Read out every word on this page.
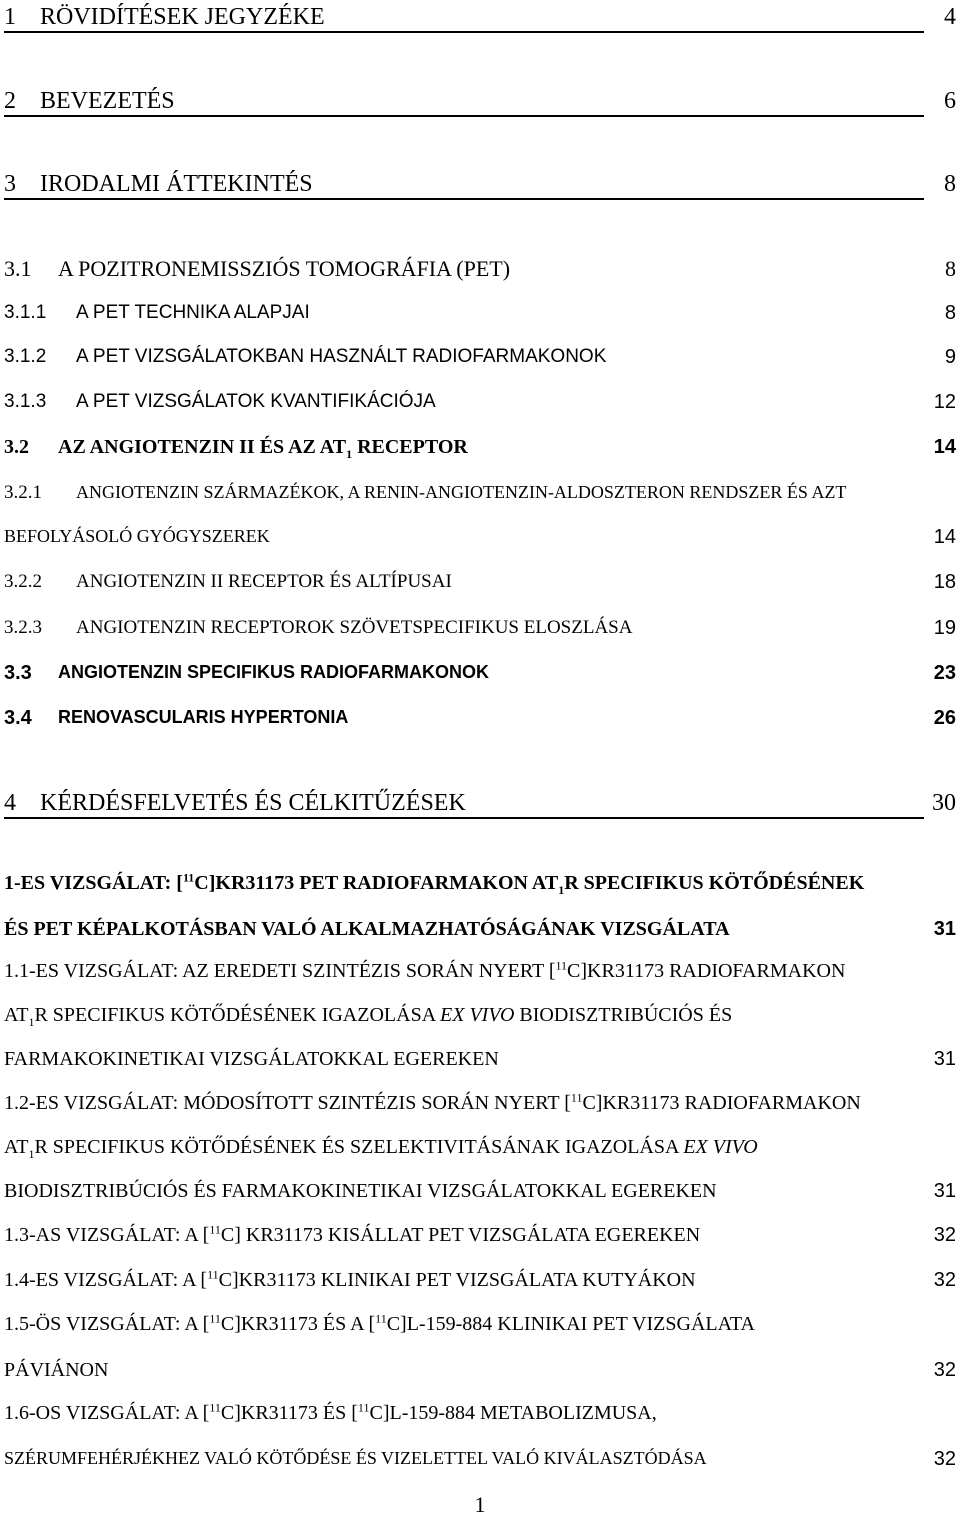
1 RÖVIDÍTÉSEK JEGYZÉKE	4
2 BEVEZETÉS	6
3 IRODALMI ÁTTEKINTÉS	8
3.1 A POZITRONEMISSZIÓS TOMOGRÁFIA (PET)	8
3.1.1 A PET TECHNIKA ALAPJAI	8
3.1.2 A PET VIZSGÁLATOKBAN HASZNÁLT RADIOFARMAKONOK	9
3.1.3 A PET VIZSGÁLATOK KVANTIFIKÁCIÓJA	12
3.2 AZ ANGIOTENZIN II ÉS AZ $AT_1$ RECEPTOR	14
3.2.1 ANGIOTENZIN SZÁRMAZÉKOK, A RENIN-ANGIOTENZIN-ALDOSZTERON RENDSZER ÉS AZT
BEFOLYÁSOLÓ GYÓGYSZEREK	14
3.2.2 ANGIOTENZIN II RECEPTOR ÉS ALTÍPUSAI	18
3.2.3 ANGIOTENZIN RECEPTOROK SZÖVETSPECIFIKUS ELOSZLÁSA	19
3.3 ANGIOTENZIN SPECIFIKUS RADIOFARMAKONOK	23
3.4 RENOVASCULARIS HYPERTONIA	26
4 KÉRDÉSFELVETÉS ÉS CÉLKITŰZÉSEK	30
1-ES VIZSGÁLAT: [$^{11}$C]KR31173 PET RADIOFARMAKON $AT_1R$ SPECIFIKUS KÖTŐDÉSÉNEK
ÉS PET KÉPALKOTÁSBAN VALÓ ALKALMAZHATÓSÁGÁNAK VIZSGÁLATA	31
1.1-ES VIZSGÁLAT: AZ EREDETI SZINTÉZIS SORÁN NYERT [$^{11}$C]KR31173 RADIOFARMAKON
$AT_1R$ SPECIFIKUS KÖTŐDÉSÉNEK IGAZOLÁSA EX VIVO BIODISZTRIBÚCIÓS ÉS
FARMAKOKINETIKAI VIZSGÁLATOKKAL EGEREKEN	31
1.2-ES VIZSGÁLAT: MÓDOSÍTOTT SZINTÉZIS SORÁN NYERT [$^{11}$C]KR31173 RADIOFARMAKON
$AT_1R$ SPECIFIKUS KÖTŐDÉSÉNEK ÉS SZELEKTIVITÁSÁNAK IGAZOLÁSA EX VIVO
BIODISZTRIBÚCIÓS ÉS FARMAKOKINETIKAI VIZSGÁLATOKKAL EGEREKEN	31
1.3-AS VIZSGÁLAT: A [$^{11}$C] KR31173 KISÁLLAT PET VIZSGÁLATA EGEREKEN	32
1.4-ES VIZSGÁLAT: A [$^{11}$C]KR31173 KLINIKAI PET VIZSGÁLATA KUTYÁKON	32
1.5-ÖS VIZSGÁLAT: A [$^{11}$C]KR31173 ÉS A [$^{11}$C]L-159-884 KLINIKAI PET VIZSGÁLATA
PÁVIÁNON	32
1.6-OS VIZSGÁLAT: A [$^{11}$C]KR31173 ÉS [$^{11}$C]L-159-884 METABOLIZMUSA,
SZÉRUMFEHÉRJÉKHEZ VALÓ KÖTŐDÉSE ÉS VIZELETTEL VALÓ KIVÁLASZTÓDÁSA	32
1
